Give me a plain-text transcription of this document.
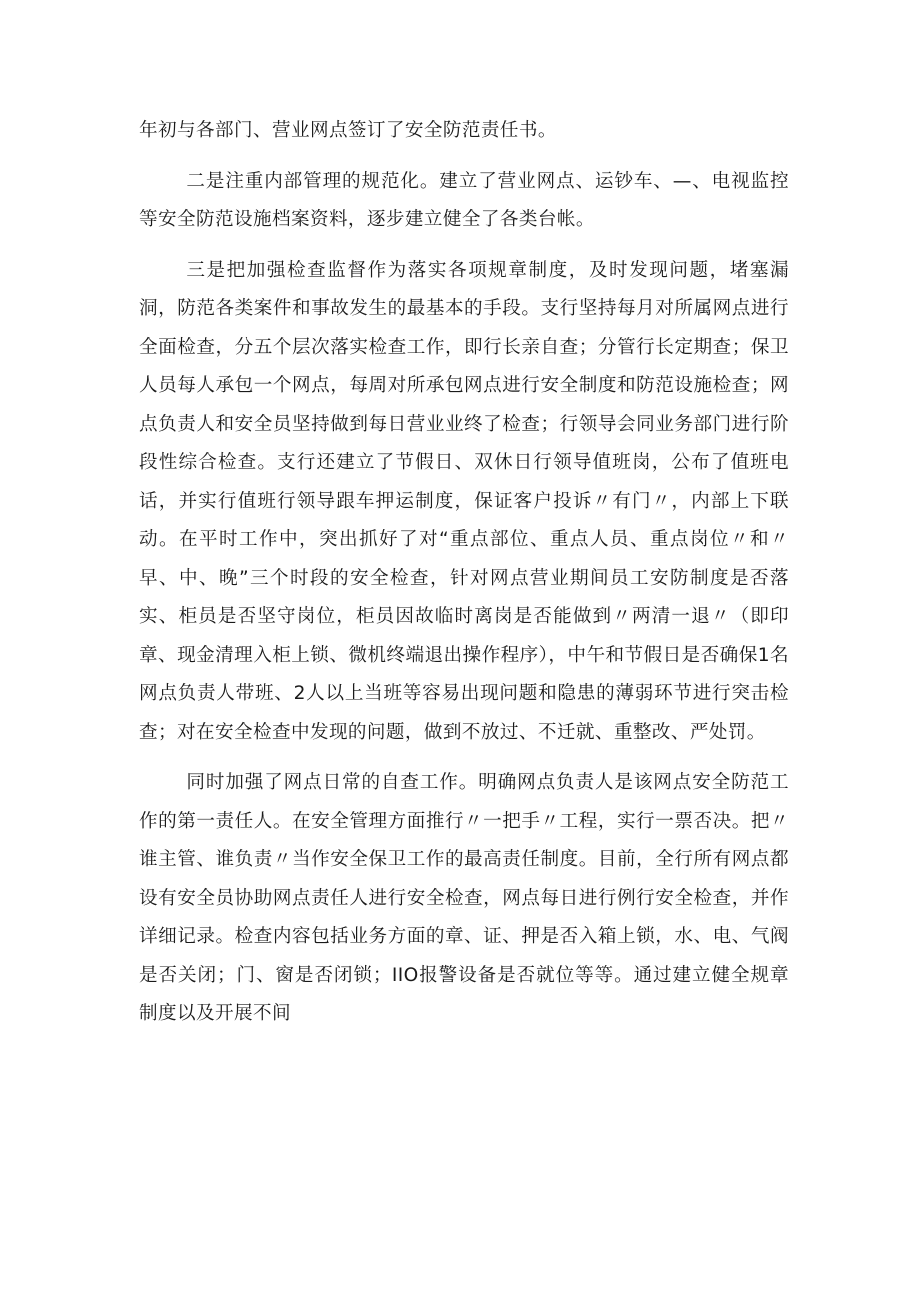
年初与各部门、营业网点签订了安全防范责任书。

二是注重内部管理的规范化。建立了营业网点、运钞车、—、电视监控等安全防范设施档案资料，逐步建立健全了各类台帐。

三是把加强检查监督作为落实各项规章制度，及时发现问题，堵塞漏洞，防范各类案件和事故发生的最基本的手段。支行坚持每月对所属网点进行全面检查，分五个层次落实检查工作，即行长亲自查；分管行长定期查；保卫人员每人承包一个网点，每周对所承包网点进行安全制度和防范设施检查；网点负责人和安全员坚持做到每日营业业终了检查；行领导会同业务部门进行阶段性综合检查。支行还建立了节假日、双休日行领导值班岗，公布了值班电话，并实行值班行领导跟车押运制度，保证客户投诉〃有门〃，内部上下联动。在平时工作中，突出抓好了对“重点部位、重点人员、重点岗位〃和〃早、中、晚”三个时段的安全检查，针对网点营业期间员工安防制度是否落实、柜员是否坚守岗位，柜员因故临时离岗是否能做到〃两清一退〃（即印章、现金清理入柜上锁、微机终端退出操作程序），中午和节假日是否确保1名网点负责人带班、2人以上当班等容易出现问题和隐患的薄弱环节进行突击检查；对在安全检查中发现的问题，做到不放过、不迁就、重整改、严处罚。

同时加强了网点日常的自查工作。明确网点负责人是该网点安全防范工作的第一责任人。在安全管理方面推行〃一把手〃工程，实行一票否决。把〃谁主管、谁负责〃当作安全保卫工作的最高责任制度。目前，全行所有网点都设有安全员协助网点责任人进行安全检查，网点每日进行例行安全检查，并作详细记录。检查内容包括业务方面的章、证、押是否入箱上锁，水、电、气阀是否关闭；门、窗是否闭锁；IIO报警设备是否就位等等。通过建立健全规章制度以及开展不间
